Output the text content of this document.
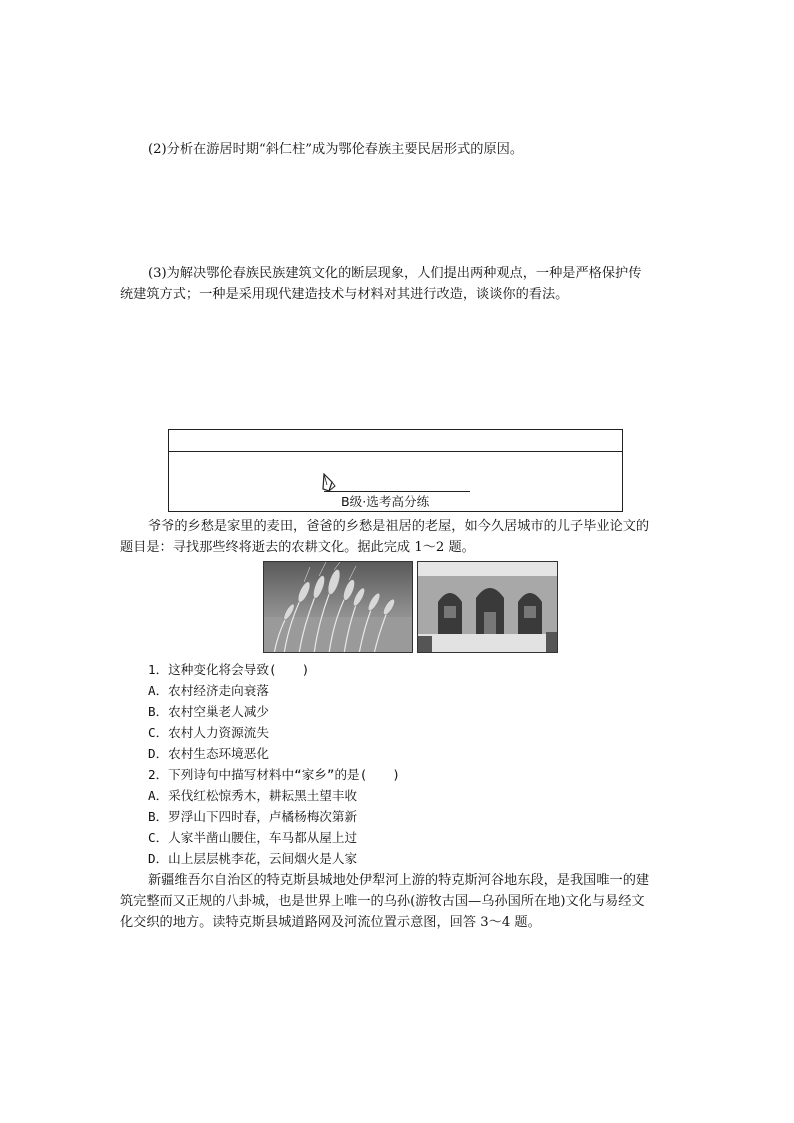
(2)分析在游居时期“斜仁柱”成为鄂伦春族主要民居形式的原因。
(3)为解决鄂伦春族民族建筑文化的断层现象，人们提出两种观点，一种是严格保护传
统建筑方式；一种是采用现代建造技术与材料对其进行改造，谈谈你的看法。
B级·选考高分练
爷爷的乡愁是家里的麦田，爸爸的乡愁是祖居的老屋，如今久居城市的儿子毕业论文的
题目是：寻找那些终将逝去的农耕文化。据此完成 1～2 题。
1．这种变化将会导致(　　)
A．农村经济走向衰落
B．农村空巢老人减少
C．农村人力资源流失
D．农村生态环境恶化
2．下列诗句中描写材料中“家乡”的是(　　)
A．采伐红松惊秀木，耕耘黑土望丰收
B．罗浮山下四时春，卢橘杨梅次第新
C．人家半凿山腰住，车马都从屋上过
D．山上层层桃李花，云间烟火是人家
新疆维吾尔自治区的特克斯县城地处伊犁河上游的特克斯河谷地东段，是我国唯一的建
筑完整而又正规的八卦城，也是世界上唯一的乌孙(游牧古国—乌孙国所在地)文化与易经文
化交织的地方。读特克斯县城道路网及河流位置示意图，回答 3～4 题。
